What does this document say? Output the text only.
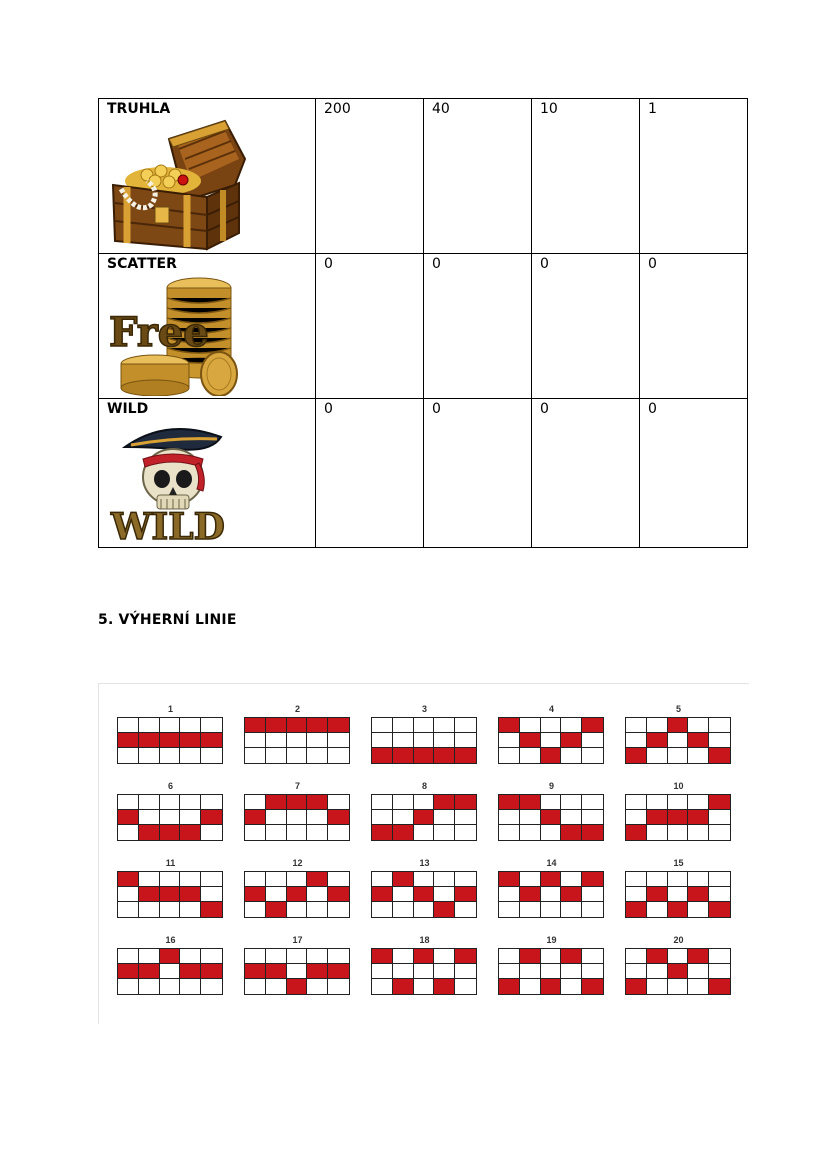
TRUHLA	200	40	10	1

SCATTER
Free	0	0	0	0

WILD
WILD	0	0	0	0
5. VÝHERNÍ LINIE
1	2	3	4	5
6	7	8	9	10
11	12	13	14	15
16	17	18	19	20
